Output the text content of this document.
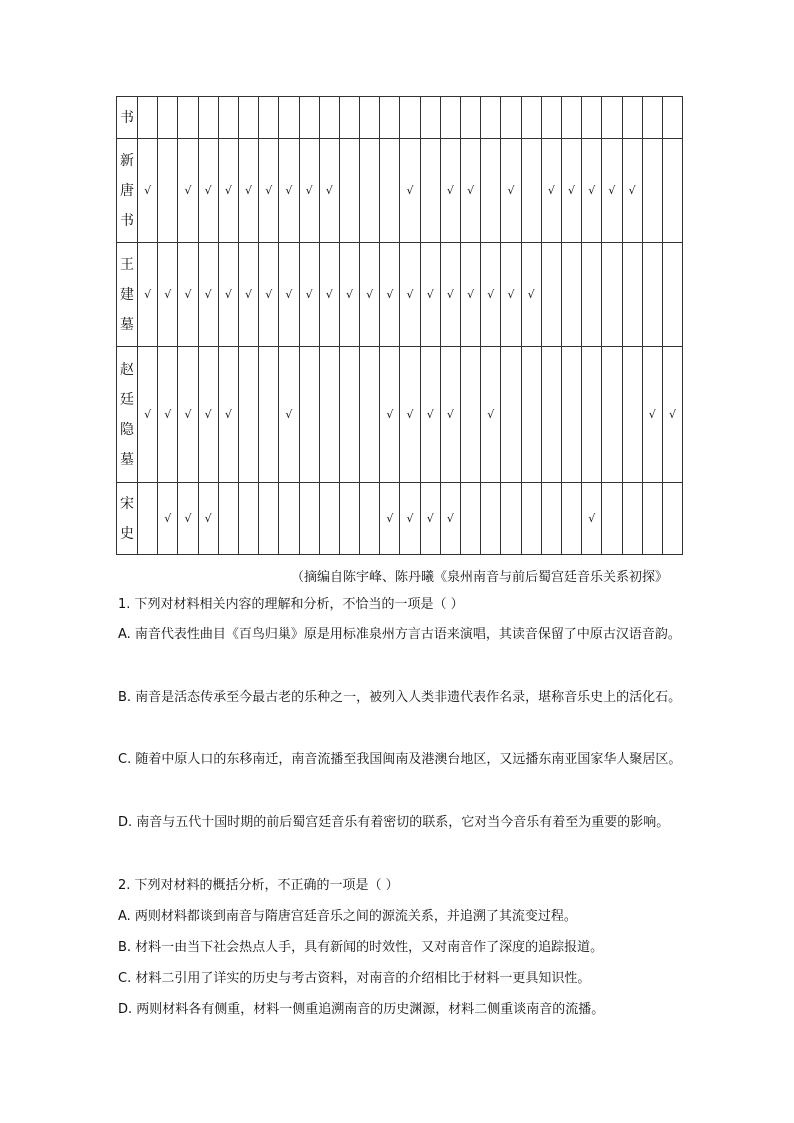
书																											

新
唐
书	√		√	√	√	√	√	√	√	√				√		√	√		√		√	√	√	√	√		

王
建
墓	√	√	√	√	√	√	√	√	√	√	√	√	√	√	√	√	√	√	√	√							

赵
廷
隐
墓	√	√	√	√	√			√					√	√	√	√		√								√	√

宋
史		√	√	√									√	√	√	√							√				
（摘编自陈宇峰、陈丹曦《泉州南音与前后蜀宫廷音乐关系初探》
1. 下列对材料相关内容的理解和分析，不恰当的一项是（ ）
A. 南音代表性曲目《百鸟归巢》原是用标准泉州方言古语来演唱，其读音保留了中原古汉语音韵。
B. 南音是活态传承至今最古老的乐种之一，被列入人类非遗代表作名录，堪称音乐史上的活化石。
C. 随着中原人口的东移南迁，南音流播至我国闽南及港澳台地区，又远播东南亚国家华人聚居区。
D. 南音与五代十国时期的前后蜀宫廷音乐有着密切的联系，它对当今音乐有着至为重要的影响。
2. 下列对材料的概括分析，不正确的一项是（ ）
A. 两则材料都谈到南音与隋唐宫廷音乐之间的源流关系，并追溯了其流变过程。
B. 材料一由当下社会热点人手，具有新闻的时效性，又对南音作了深度的追踪报道。
C. 材料二引用了详实的历史与考古资料，对南音的介绍相比于材料一更具知识性。
D. 两则材料各有侧重，材料一侧重追溯南音的历史渊源，材料二侧重谈南音的流播。
